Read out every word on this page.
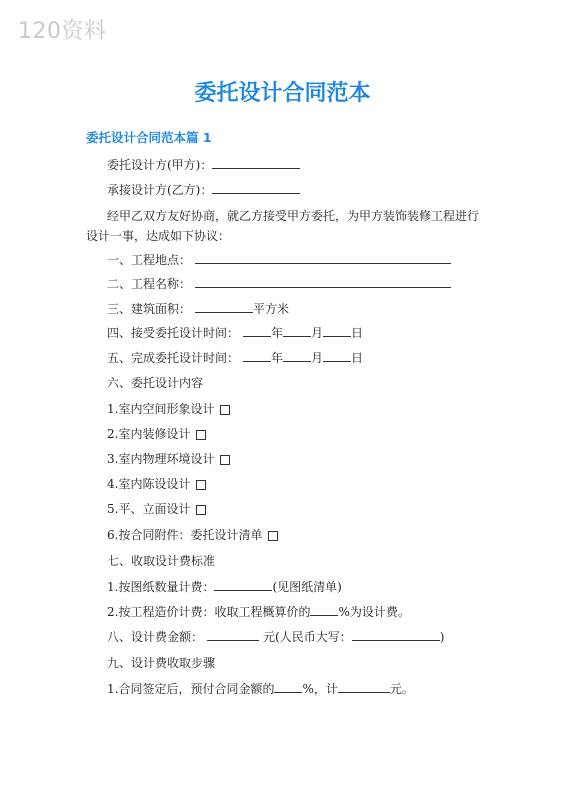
120资料
委托设计合同范本
委托设计合同范本篇 1
委托设计方(甲方)：
承接设计方(乙方)：
经甲乙双方友好协商，就乙方接受甲方委托，为甲方装饰装修工程进行设计一事，达成如下协议：
一、工程地点：
二、工程名称：
三、建筑面积：	平方米
四、接受委托设计时间：	年 月 日
五、完成委托设计时间：	年 月 日
六、委托设计内容
1.室内空间形象设计
2.室内装修设计
3.室内物理环境设计
4.室内陈设设计
5.平、立面设计
6.按合同附件：委托设计清单
七、收取设计费标准
1.按图纸数量计费：	(见图纸清单)
2.按工程造价计费：收取工程概算价的 %为设计费。
八、设计费金额：	元(人民币大写：	)
九、设计费收取步骤
1.合同签定后，预付合同金额的 %，计	元。
